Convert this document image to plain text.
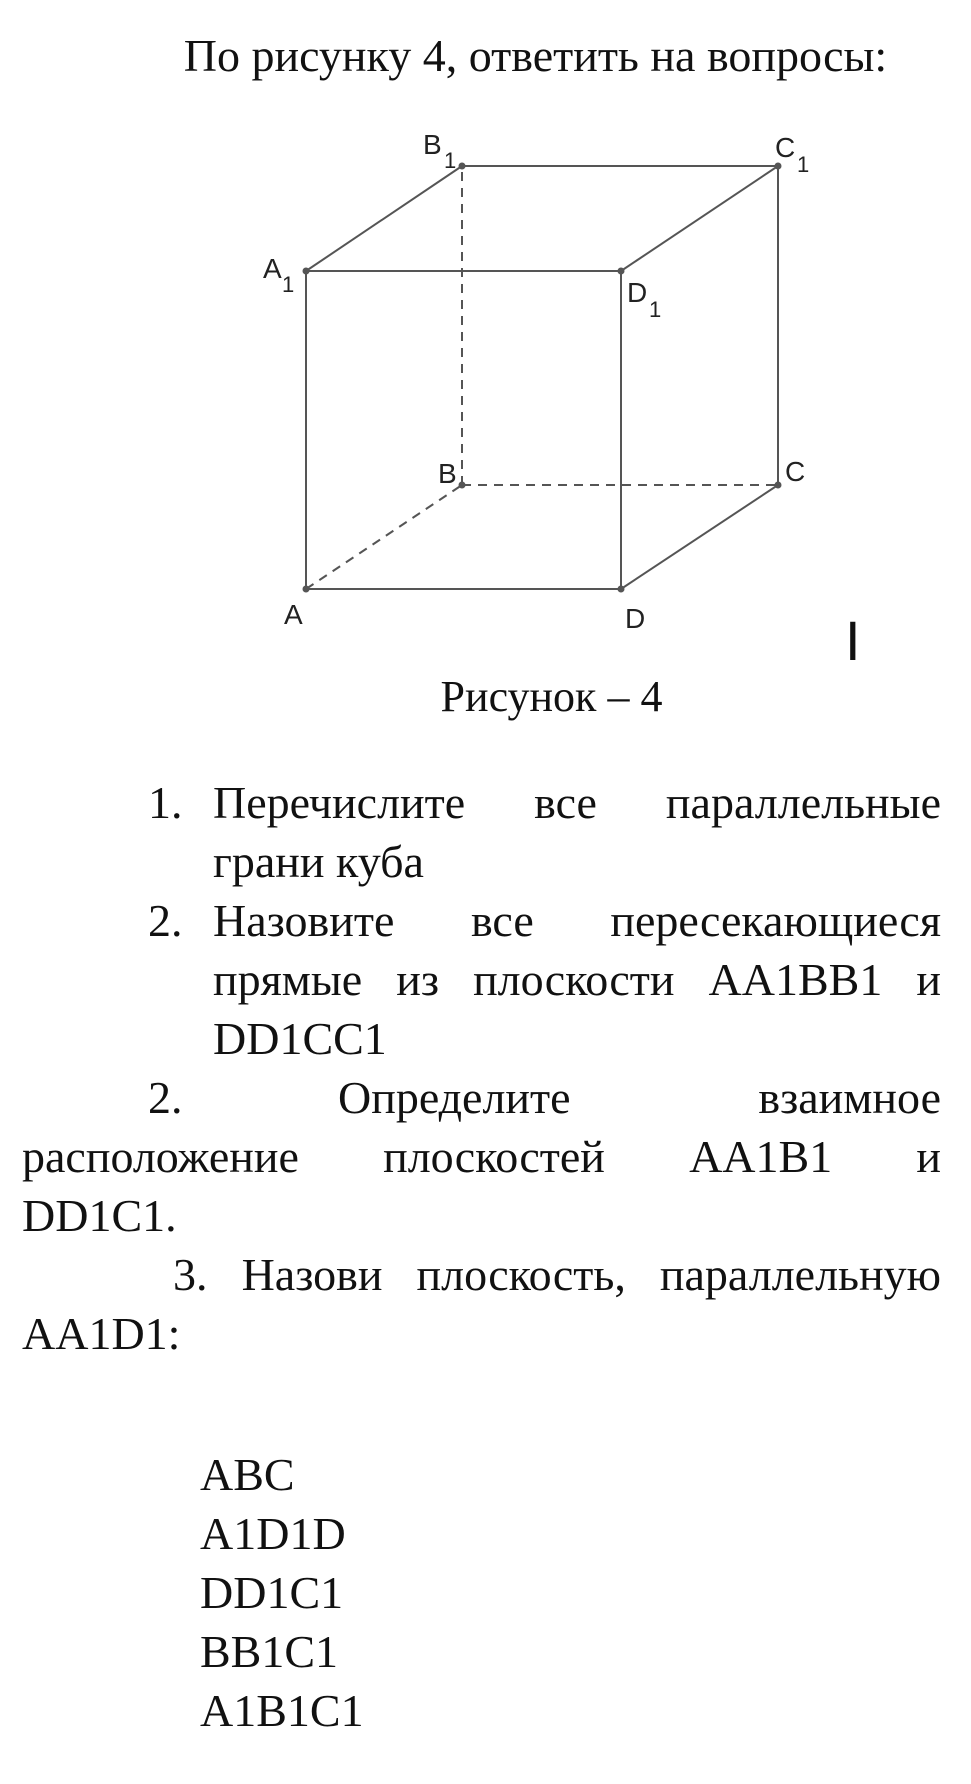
По рисунку 4, ответить на вопросы:
A
B	C
D
A
1
B
1	C
1
D
1
I
Рисунок – 4
1. Перечислите все параллельные
грани куба
2. Назовите все пересекающиеся
прямые из плоскости АА1ВВ1 и
DD1CC1
2.	Определите взаимное
расположение плоскостей АА1В1 и
DD1C1.
3. Назови плоскость, параллельную
АА1D1:
АВС
А1D1D
DD1C1
ВВ1С1
А1В1С1
